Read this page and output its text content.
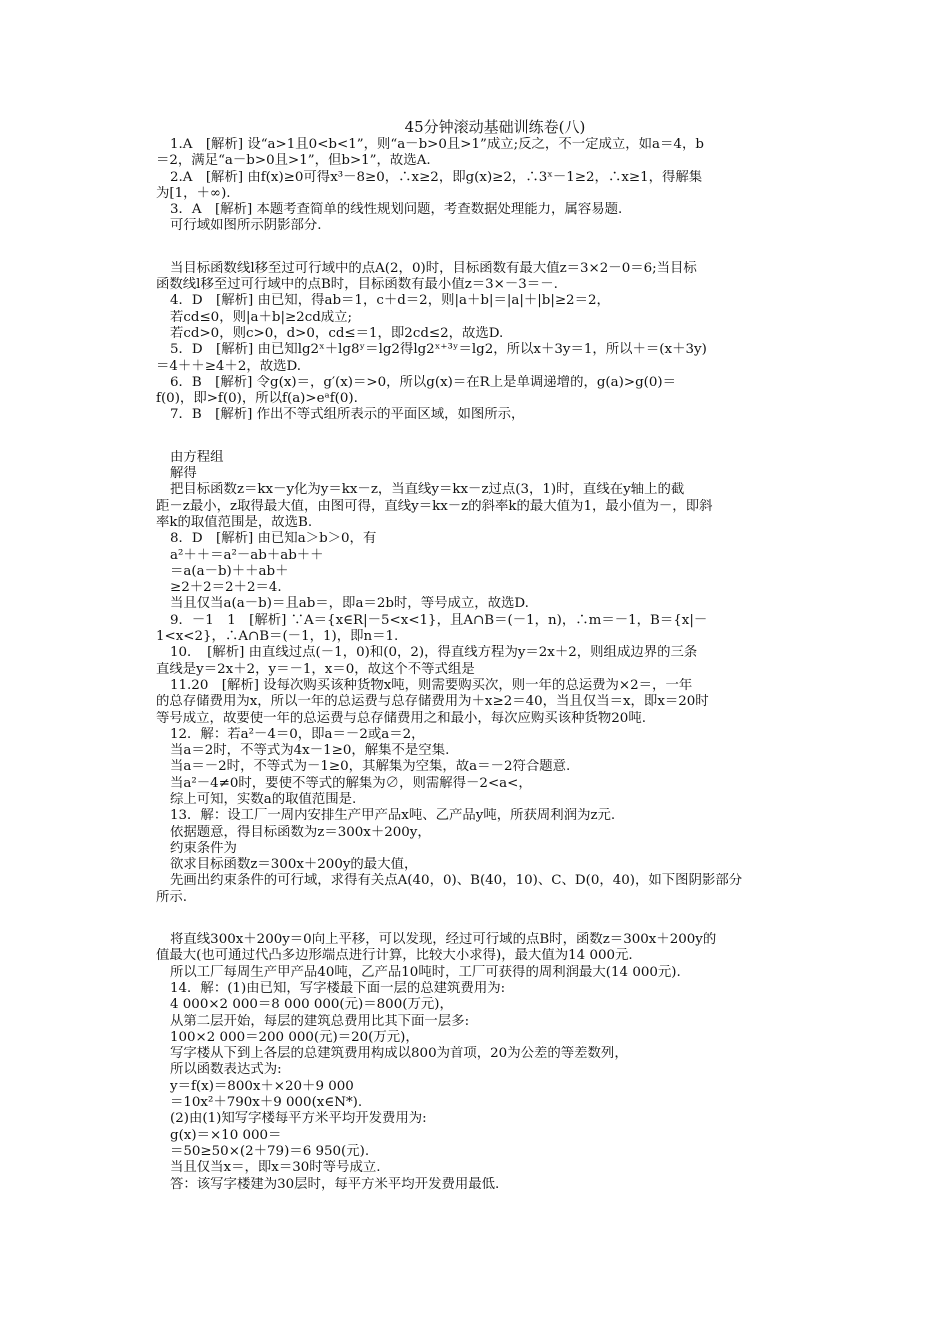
45分钟滚动基础训练卷(八)
1.A　[解析] 设“a>1且0<b<1”，则“a－b>0且>1”成立;反之，不一定成立，如a＝4，b
＝2，满足“a－b>0且>1”，但b>1”，故选A.
2.A　[解析] 由f(x)≥0可得x³－8≥0，∴x≥2，即g(x)≥2，∴3ˣ－1≥2，∴x≥1，得解集
为[1，＋∞).
3．A　[解析] 本题考查简单的线性规划问题，考查数据处理能力，属容易题.
可行域如图所示阴影部分.
当目标函数线l移至过可行域中的点A(2，0)时，目标函数有最大值z＝3×2－0＝6;当目标
函数线l移至过可行域中的点B时，目标函数有最小值z＝3×－3＝－.
4．D　[解析] 由已知，得ab＝1，c＋d＝2，则|a＋b|＝|a|＋|b|≥2＝2，
若cd≤0，则|a＋b|≥2cd成立;
若cd>0，则c>0，d>0，cd≤＝1，即2cd≤2，故选D.
5．D　[解析] 由已知lg2ˣ＋lg8ʸ＝lg2得lg2ˣ⁺³ʸ＝lg2，所以x＋3y＝1，所以＋＝(x＋3y)
＝4＋＋≥4＋2，故选D.
6．B　[解析] 令g(x)＝，g′(x)＝>0，所以g(x)＝在R上是单调递增的，g(a)>g(0)＝
f(0)，即>f(0)，所以f(a)>eᵃf(0).
7．B　[解析] 作出不等式组所表示的平面区域，如图所示，
由方程组
解得
把目标函数z＝kx－y化为y＝kx－z，当直线y＝kx－z过点(3，1)时，直线在y轴上的截
距－z最小，z取得最大值，由图可得，直线y＝kx－z的斜率k的最大值为1，最小值为－，即斜
率k的取值范围是，故选B.
8．D　[解析] 由已知a＞b＞0，有
a²＋＋＝a²－ab＋ab＋＋
＝a(a－b)＋＋ab＋
≥2＋2＝2＋2＝4.
当且仅当a(a－b)＝且ab＝，即a＝2b时，等号成立，故选D.
9．－1　1　[解析] ∵A＝{x∈R|－5<x<1}，且A∩B＝(－1，n)，∴m＝－1，B＝{x|－
1<x<2}，∴A∩B＝(－1，1)，即n＝1.
10．　[解析] 由直线过点(－1，0)和(0，2)，得直线方程为y＝2x＋2，则组成边界的三条
直线是y＝2x＋2，y＝－1，x＝0，故这个不等式组是
11.20　[解析] 设每次购买该种货物x吨，则需要购买次，则一年的总运费为×2＝，一年
的总存储费用为x，所以一年的总运费与总存储费用为＋x≥2＝40，当且仅当＝x，即x＝20时
等号成立，故要使一年的总运费与总存储费用之和最小，每次应购买该种货物20吨.
12．解：若a²－4＝0，即a＝－2或a＝2，
当a＝2时，不等式为4x－1≥0，解集不是空集.
当a＝－2时，不等式为－1≥0，其解集为空集，故a＝－2符合题意.
当a²－4≠0时，要使不等式的解集为∅，则需解得－2<a<，
综上可知，实数a的取值范围是.
13．解：设工厂一周内安排生产甲产品x吨、乙产品y吨，所获周利润为z元.
依据题意，得目标函数为z＝300x＋200y，
约束条件为
欲求目标函数z＝300x＋200y的最大值，
先画出约束条件的可行域，求得有关点A(40，0)、B(40，10)、C、D(0，40)，如下图阴影部分
所示.
将直线300x＋200y＝0向上平移，可以发现，经过可行域的点B时，函数z＝300x＋200y的
值最大(也可通过代凸多边形端点进行计算，比较大小求得)，最大值为14 000元.
所以工厂每周生产甲产品40吨，乙产品10吨时，工厂可获得的周利润最大(14 000元).
14．解：(1)由已知，写字楼最下面一层的总建筑费用为:
4 000×2 000＝8 000 000(元)＝800(万元)，
从第二层开始，每层的建筑总费用比其下面一层多:
100×2 000＝200 000(元)＝20(万元)，
写字楼从下到上各层的总建筑费用构成以800为首项，20为公差的等差数列，
所以函数表达式为:
y＝f(x)＝800x＋×20＋9 000
＝10x²＋790x＋9 000(x∈N*).
(2)由(1)知写字楼每平方米平均开发费用为:
g(x)＝×10 000＝
＝50≥50×(2＋79)＝6 950(元).
当且仅当x＝，即x＝30时等号成立.
答：该写字楼建为30层时，每平方米平均开发费用最低.
